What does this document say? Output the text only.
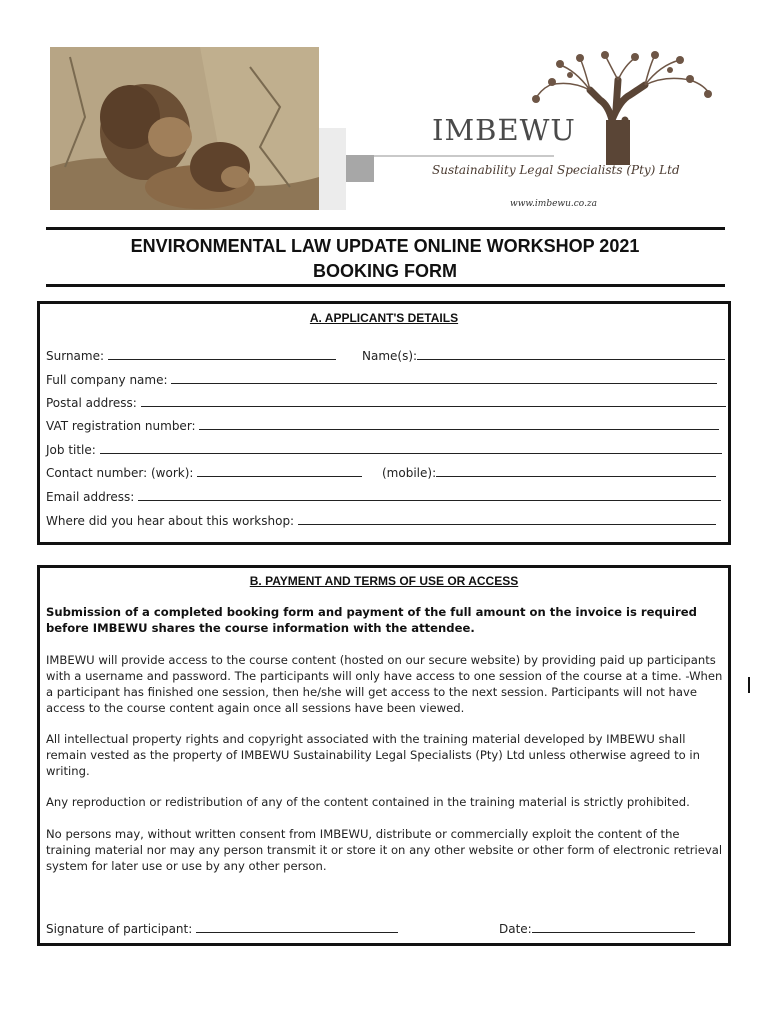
IMBEWU
Sustainability Legal Specialists (Pty) Ltd
www.imbewu.co.za
ENVIRONMENTAL LAW UPDATE ONLINE WORKSHOP 2021
BOOKING FORM
A. APPLICANT'S DETAILS
Surname:	Name(s):
Full company name:
Postal address:
VAT registration number:
Job title:
Contact number: (work):	(mobile):
Email address:
Where did you hear about this workshop:
B. PAYMENT AND TERMS OF USE OR ACCESS
Submission of a completed booking form and payment of the full amount on the invoice is required before IMBEWU shares the course information with the attendee.
IMBEWU will provide access to the course content (hosted on our secure website) by providing paid up participants with a username and password. The participants will only have access to one session of the course at a time. -When a participant has finished one session, then he/she will get access to the next session. Participants will not have access to the course content again once all sessions have been viewed.
All intellectual property rights and copyright associated with the training material developed by IMBEWU shall remain vested as the property of IMBEWU Sustainability Legal Specialists (Pty) Ltd unless otherwise agreed to in writing.
Any reproduction or redistribution of any of the content contained in the training material is strictly prohibited.
No persons may, without written consent from IMBEWU, distribute or commercially exploit the content of the training material nor may any person transmit it or store it on any other website or other form of electronic retrieval system for later use or use by any other person.
Signature of participant:	Date:
